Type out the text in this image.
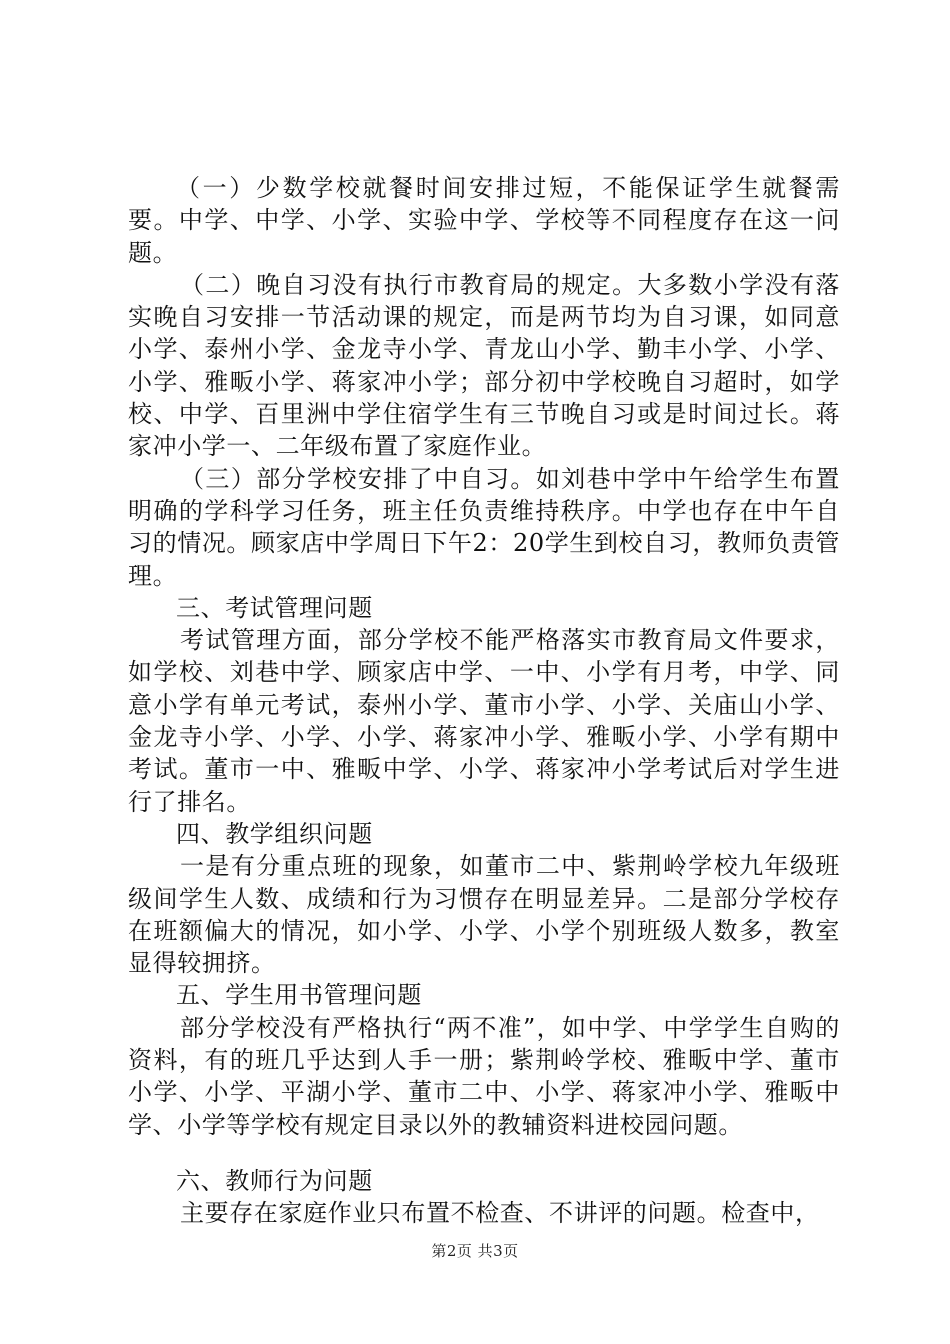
（一）少数学校就餐时间安排过短，不能保证学生就餐需要。中学、中学、小学、实验中学、学校等不同程度存在这一问题。

（二）晚自习没有执行市教育局的规定。大多数小学没有落实晚自习安排一节活动课的规定，而是两节均为自习课，如同意小学、泰州小学、金龙寺小学、青龙山小学、勤丰小学、小学、小学、雅畈小学、蒋家冲小学；部分初中学校晚自习超时，如学校、中学、百里洲中学住宿学生有三节晚自习或是时间过长。蒋家冲小学一、二年级布置了家庭作业。

（三）部分学校安排了中自习。如刘巷中学中午给学生布置明确的学科学习任务，班主任负责维持秩序。中学也存在中午自习的情况。顾家店中学周日下午2：20学生到校自习，教师负责管理。

三、考试管理问题

考试管理方面，部分学校不能严格落实市教育局文件要求，如学校、刘巷中学、顾家店中学、一中、小学有月考，中学、同意小学有单元考试，泰州小学、董市小学、小学、关庙山小学、金龙寺小学、小学、小学、蒋家冲小学、雅畈小学、小学有期中考试。董市一中、雅畈中学、小学、蒋家冲小学考试后对学生进行了排名。

四、教学组织问题

一是有分重点班的现象，如董市二中、紫荆岭学校九年级班级间学生人数、成绩和行为习惯存在明显差异。二是部分学校存在班额偏大的情况，如小学、小学、小学个别班级人数多，教室显得较拥挤。

五、学生用书管理问题

部分学校没有严格执行“两不准”，如中学、中学学生自购的资料，有的班几乎达到人手一册；紫荆岭学校、雅畈中学、董市小学、小学、平湖小学、董市二中、小学、蒋家冲小学、雅畈中学、小学等学校有规定目录以外的教辅资料进校园问题。

六、教师行为问题

主要存在家庭作业只布置不检查、不讲评的问题。检查中，

第2页 共3页
